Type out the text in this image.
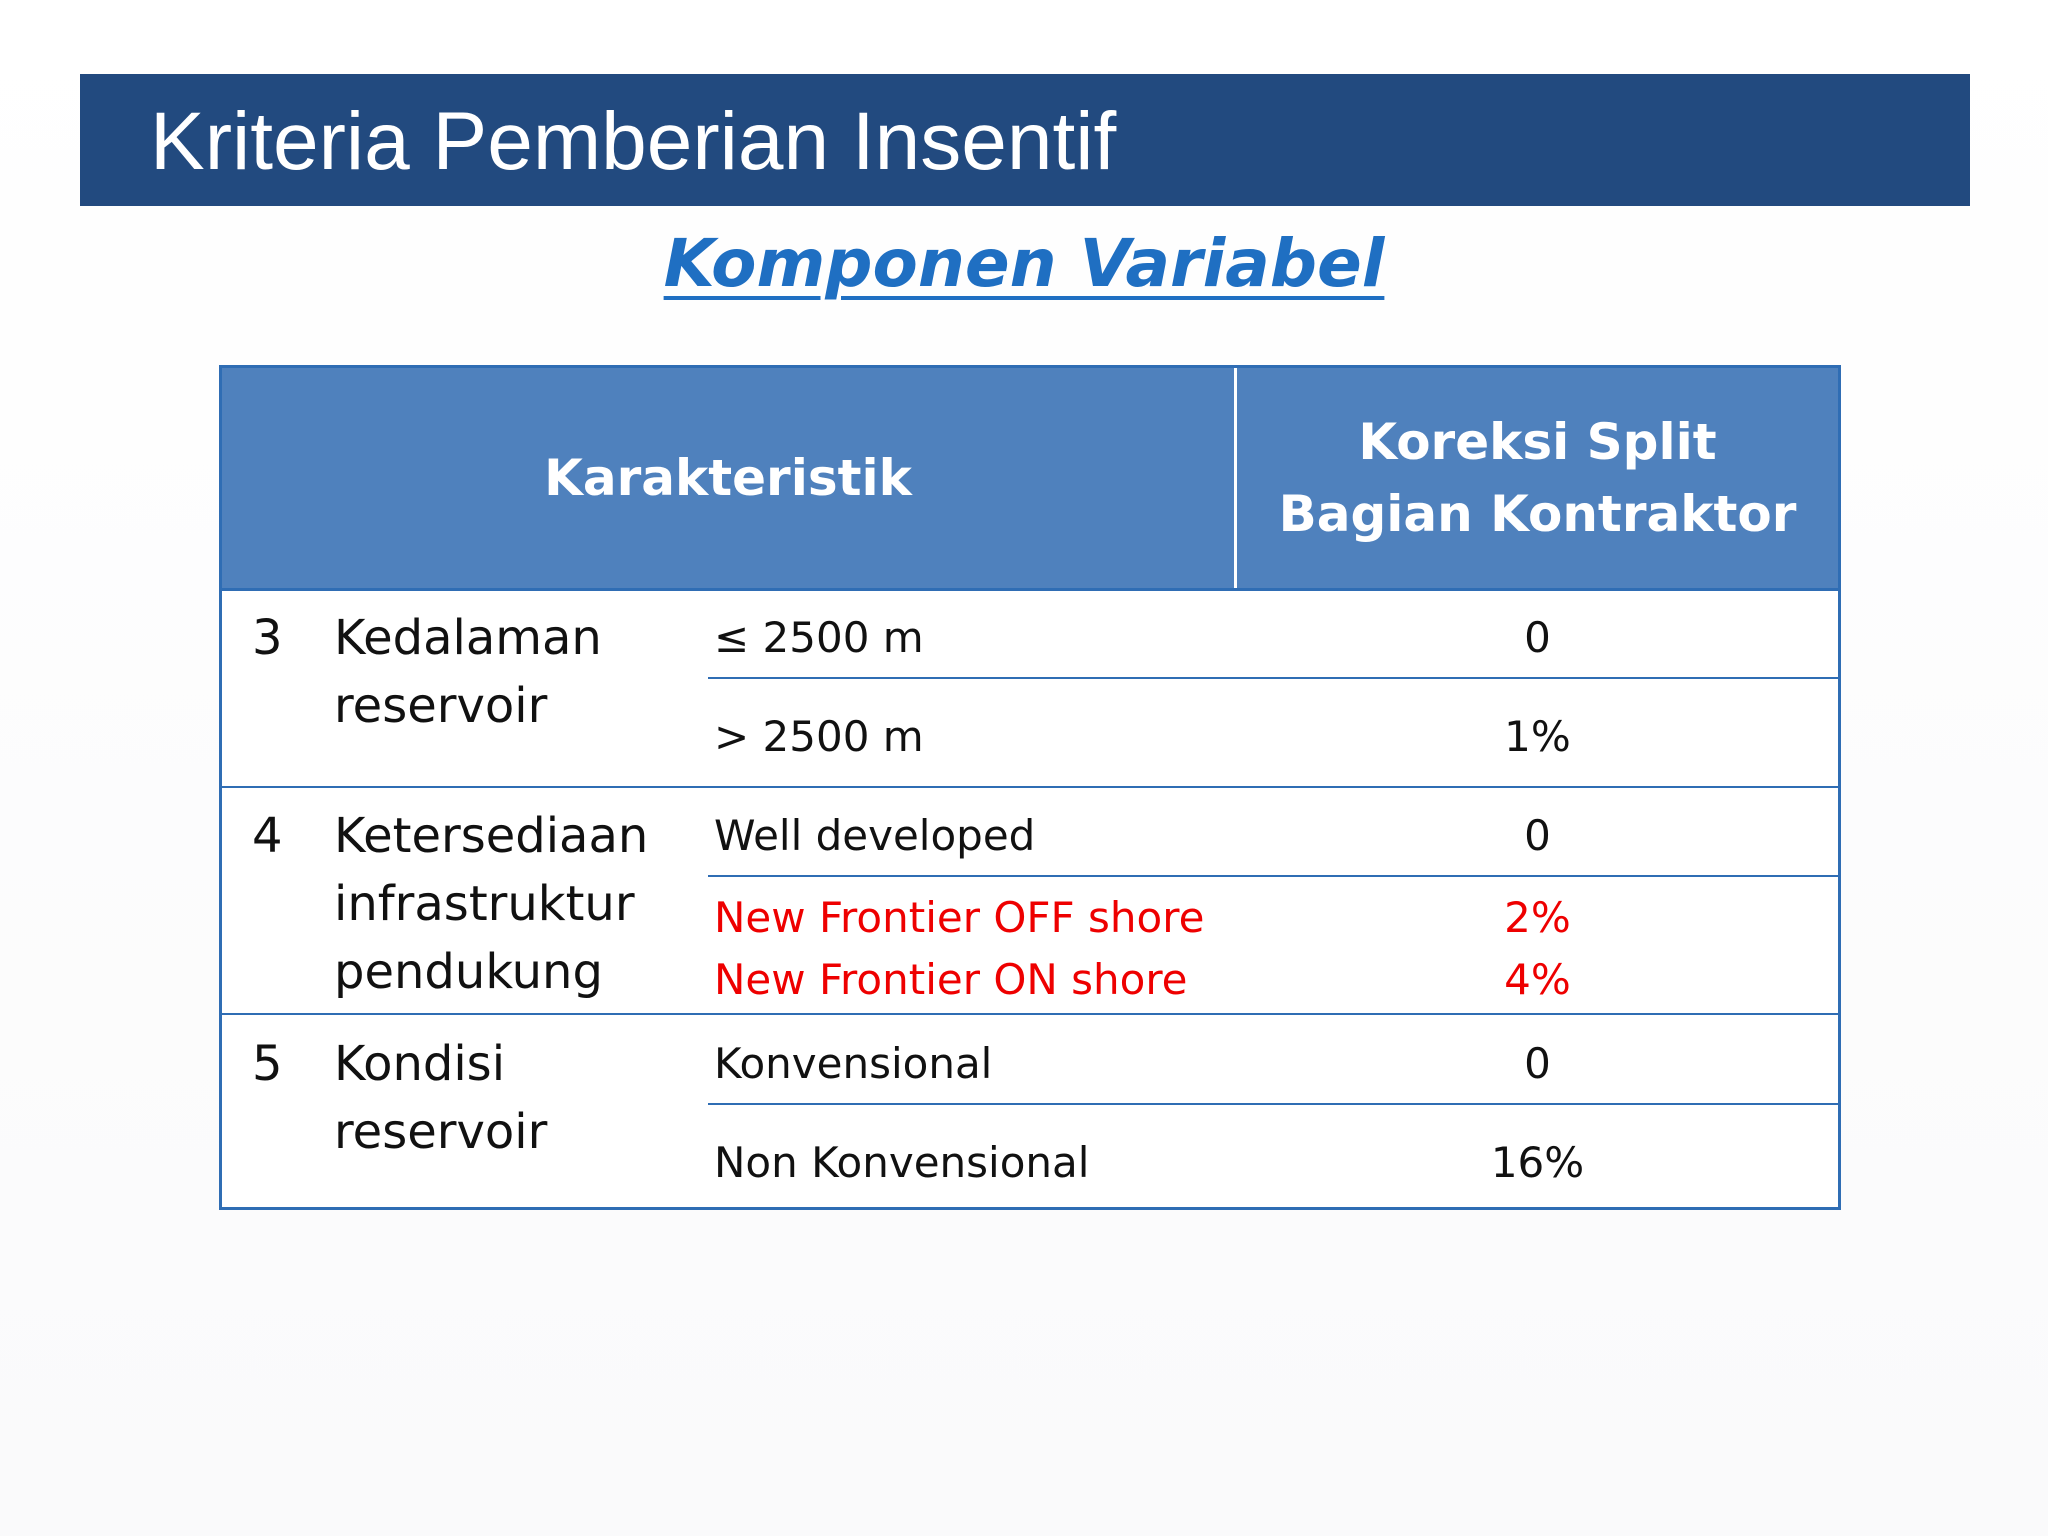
Kriteria Pemberian Insentif
Komponen Variabel
Karakteristik
Koreksi Split Bagian Kontraktor
3 Kedalaman reservoir
≤ 2500 m	0
> 2500 m	1%
4 Ketersediaan infrastruktur pendukung
Well developed	0
New Frontier OFF shore	2%
New Frontier ON shore	4%
5 Kondisi reservoir
Konvensional	0
Non Konvensional	16%
